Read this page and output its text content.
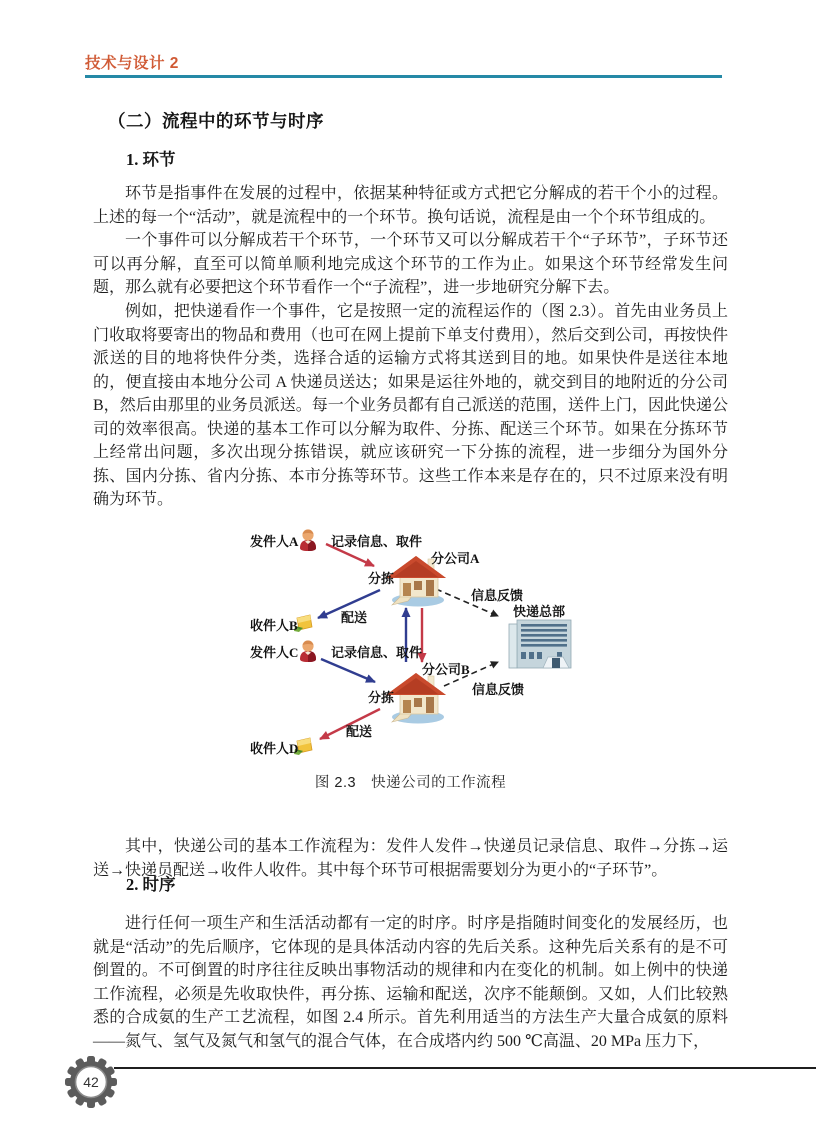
技术与设计 2
（二）流程中的环节与时序
1. 环节

环节是指事件在发展的过程中，依据某种特征或方式把它分解成的若干个小的过程。上述的每一个“活动”，就是流程中的一个环节。换句话说，流程是由一个个环节组成的。

一个事件可以分解成若干个环节，一个环节又可以分解成若干个“子环节”，子环节还可以再分解，直至可以简单顺利地完成这个环节的工作为止。如果这个环节经常发生问题，那么就有必要把这个环节看作一个“子流程”，进一步地研究分解下去。

例如，把快递看作一个事件，它是按照一定的流程运作的（图 2.3）。首先由业务员上门收取将要寄出的物品和费用（也可在网上提前下单支付费用），然后交到公司，再按快件派送的目的地将快件分类，选择合适的运输方式将其送到目的地。如果快件是送往本地的，便直接由本地分公司 A 快递员送达；如果是运往外地的，就交到目的地附近的分公司 B，然后由那里的业务员派送。每一个业务员都有自己派送的范围，送件上门，因此快递公司的效率很高。快递的基本工作可以分解为取件、分拣、配送三个环节。如果在分拣环节上经常出问题，多次出现分拣错误，就应该研究一下分拣的流程，进一步细分为国外分拣、国内分拣、省内分拣、本市分拣等环节。这些工作本来是存在的，只不过原来没有明确为环节。

发件人A	记录信息、取件
分公司A
分拣
配送
收件人B
信息反馈
快递总部
发件人C	记录信息、取件
分公司B
分拣
信息反馈
配送
收件人D
图 2.3　快递公司的工作流程

其中，快递公司的基本工作流程为：发件人发件→快递员记录信息、取件→分拣→运送→快递员配送→收件人收件。其中每个环节可根据需要划分为更小的“子环节”。

2. 时序

进行任何一项生产和生活活动都有一定的时序。时序是指随时间变化的发展经历，也就是“活动”的先后顺序，它体现的是具体活动内容的先后关系。这种先后关系有的是不可倒置的。不可倒置的时序往往反映出事物活动的规律和内在变化的机制。如上例中的快递工作流程，必须是先收取快件，再分拣、运输和配送，次序不能颠倒。又如，人们比较熟悉的合成氨的生产工艺流程，如图 2.4 所示。首先利用适当的方法生产大量合成氨的原料——氮气、氢气及氮气和氢气的混合气体，在合成塔内约 500 ℃高温、20 MPa 压力下，

42
